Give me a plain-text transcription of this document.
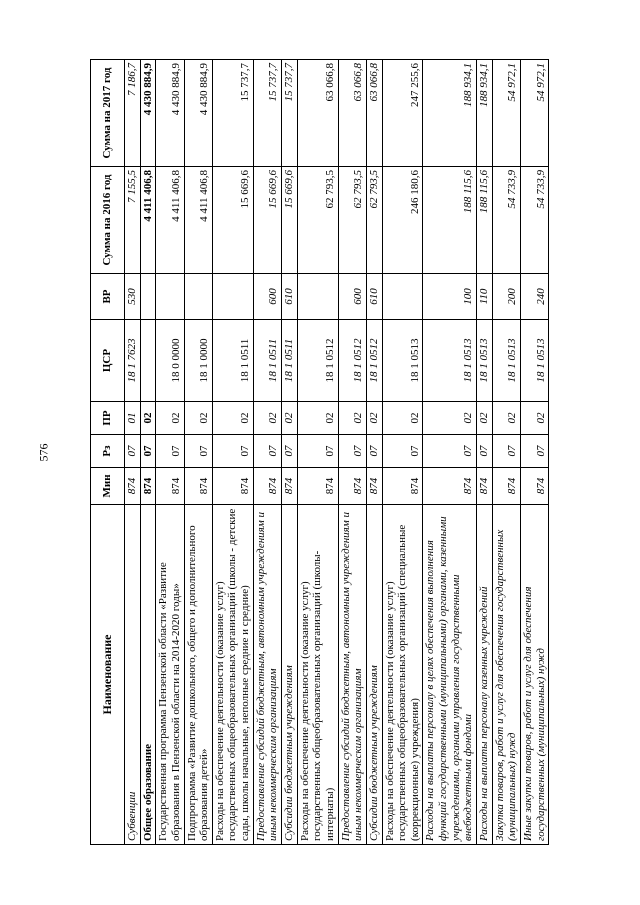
576
Наименование	Мин	Рз	ПР	ЦСР	ВР	Сумма на 2016 год	Сумма на 2017 год
Субвенции	874	07	01	18 1 7623	530	7 155,5	7 186,7
Общее образование	874	07	02			4 411 406,8	4 430 884,9
Государственная программа Пензенской области «Развитие образования в Пензенской области на 2014-2020 годы»	874	07	02	18 0 0000		4 411 406,8	4 430 884,9
Подпрограмма «Развитие дошкольного, общего и дополнительного образования детей»	874	07	02	18 1 0000		4 411 406,8	4 430 884,9
Расходы на обеспечение деятельности (оказание услуг) государственных общеобразовательных организаций (школы - детские сады, школы начальные, неполные средние и средние)	874	07	02	18 1 0511		15 669,6	15 737,7
Предоставление субсидий бюджетным, автономным учреждениям и иным некоммерческим организациям	874	07	02	18 1 0511	600	15 669,6	15 737,7
Субсидии бюджетным учреждениям	874	07	02	18 1 0511	610	15 669,6	15 737,7
Расходы на обеспечение деятельности (оказание услуг) государственных общеобразовательных организаций (школы-интернаты)	874	07	02	18 1 0512		62 793,5	63 066,8
Предоставление субсидий бюджетным, автономным учреждениям и иным некоммерческим организациям	874	07	02	18 1 0512	600	62 793,5	63 066,8
Субсидии бюджетным учреждениям	874	07	02	18 1 0512	610	62 793,5	63 066,8
Расходы на обеспечение деятельности (оказание услуг) государственных общеобразовательных организаций (специальные (коррекционные) учреждения)	874	07	02	18 1 0513		246 180,6	247 255,6
Расходы на выплаты персоналу в целях обеспечения выполнения функций государственными (муниципальными) органами, казенными учреждениями, органами управления государственными внебюджетными фондами	874	07	02	18 1 0513	100	188 115,6	188 934,1
Расходы на выплаты персоналу казенных учреждений	874	07	02	18 1 0513	110	188 115,6	188 934,1
Закупка товаров, работ и услуг для обеспечения государственных (муниципальных) нужд	874	07	02	18 1 0513	200	54 733,9	54 972,1
Иные закупки товаров, работ и услуг для обеспечения государственных (муниципальных) нужд	874	07	02	18 1 0513	240	54 733,9	54 972,1
